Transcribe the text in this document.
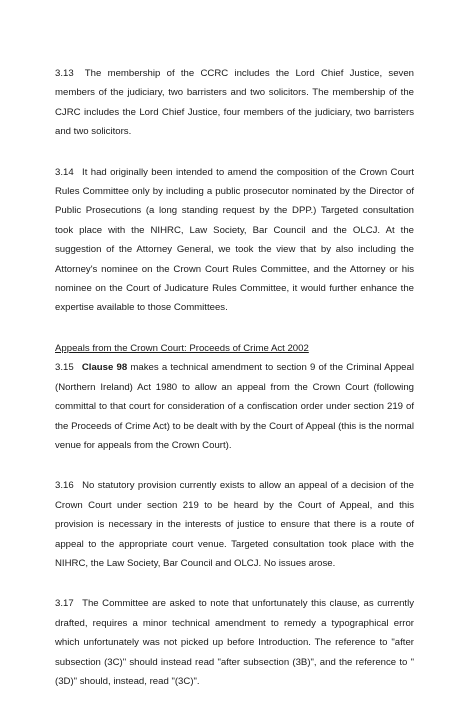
3.13 The membership of the CCRC includes the Lord Chief Justice, seven members of the judiciary, two barristers and two solicitors. The membership of the CJRC includes the Lord Chief Justice, four members of the judiciary, two barristers and two solicitors.

3.14 It had originally been intended to amend the composition of the Crown Court Rules Committee only by including a public prosecutor nominated by the Director of Public Prosecutions (a long standing request by the DPP.) Targeted consultation took place with the NIHRC, Law Society, Bar Council and the OLCJ. At the suggestion of the Attorney General, we took the view that by also including the Attorney's nominee on the Crown Court Rules Committee, and the Attorney or his nominee on the Court of Judicature Rules Committee, it would further enhance the expertise available to those Committees.

Appeals from the Crown Court: Proceeds of Crime Act 2002

3.15 Clause 98 makes a technical amendment to section 9 of the Criminal Appeal (Northern Ireland) Act 1980 to allow an appeal from the Crown Court (following committal to that court for consideration of a confiscation order under section 219 of the Proceeds of Crime Act) to be dealt with by the Court of Appeal (this is the normal venue for appeals from the Crown Court).

3.16 No statutory provision currently exists to allow an appeal of a decision of the Crown Court under section 219 to be heard by the Court of Appeal, and this provision is necessary in the interests of justice to ensure that there is a route of appeal to the appropriate court venue. Targeted consultation took place with the NIHRC, the Law Society, Bar Council and OLCJ. No issues arose.

3.17 The Committee are asked to note that unfortunately this clause, as currently drafted, requires a minor technical amendment to remedy a typographical error which unfortunately was not picked up before Introduction. The reference to "after subsection (3C)" should instead read "after subsection (3B)", and the reference to "(3D)" should, instead, read "(3C)".
